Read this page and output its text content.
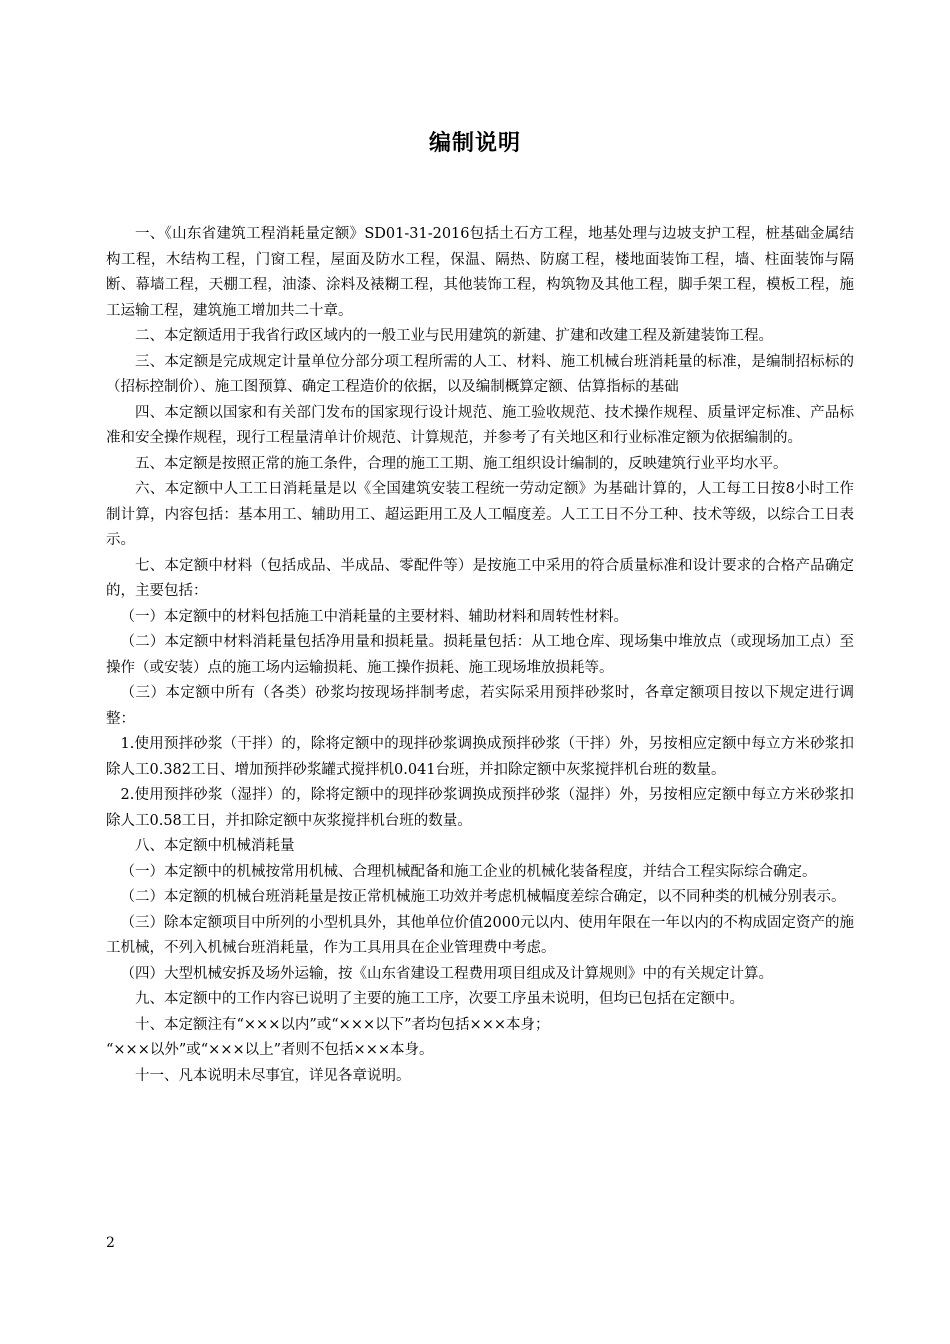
编制说明

一、《山东省建筑工程消耗量定额》SD01-31-2016包括土石方工程，地基处理与边坡支护工程，桩基础金属结构工程，木结构工程，门窗工程，屋面及防水工程，保温、隔热、防腐工程，楼地面装饰工程，墙、柱面装饰与隔断、幕墙工程，天棚工程，油漆、涂料及裱糊工程，其他装饰工程，构筑物及其他工程，脚手架工程，模板工程，施工运输工程，建筑施工增加共二十章。

二、本定额适用于我省行政区域内的一般工业与民用建筑的新建、扩建和改建工程及新建装饰工程。

三、本定额是完成规定计量单位分部分项工程所需的人工、材料、施工机械台班消耗量的标准，是编制招标标的（招标控制价）、施工图预算、确定工程造价的依据，以及编制概算定额、估算指标的基础

四、本定额以国家和有关部门发布的国家现行设计规范、施工验收规范、技术操作规程、质量评定标准、产品标准和安全操作规程，现行工程量清单计价规范、计算规范，并参考了有关地区和行业标准定额为依据编制的。

五、本定额是按照正常的施工条件，合理的施工工期、施工组织设计编制的，反映建筑行业平均水平。

六、本定额中人工工日消耗量是以《全国建筑安装工程统一劳动定额》为基础计算的，人工每工日按8小时工作制计算，内容包括：基本用工、辅助用工、超运距用工及人工幅度差。人工工日不分工种、技术等级，以综合工日表示。

七、本定额中材料（包括成品、半成品、零配件等）是按施工中采用的符合质量标准和设计要求的合格产品确定的，主要包括：

（一）本定额中的材料包括施工中消耗量的主要材料、辅助材料和周转性材料。

（二）本定额中材料消耗量包括净用量和损耗量。损耗量包括：从工地仓库、现场集中堆放点（或现场加工点）至操作（或安装）点的施工场内运输损耗、施工操作损耗、施工现场堆放损耗等。

（三）本定额中所有（各类）砂浆均按现场拌制考虑，若实际采用预拌砂浆时，各章定额项目按以下规定进行调整：

1.使用预拌砂浆（干拌）的，除将定额中的现拌砂浆调换成预拌砂浆（干拌）外，另按相应定额中每立方米砂浆扣除人工0.382工日、增加预拌砂浆罐式搅拌机0.041台班，并扣除定额中灰浆搅拌机台班的数量。

2.使用预拌砂浆（湿拌）的，除将定额中的现拌砂浆调换成预拌砂浆（湿拌）外，另按相应定额中每立方米砂浆扣除人工0.58工日，并扣除定额中灰浆搅拌机台班的数量。

八、本定额中机械消耗量

（一）本定额中的机械按常用机械、合理机械配备和施工企业的机械化装备程度，并结合工程实际综合确定。

（二）本定额的机械台班消耗量是按正常机械施工功效并考虑机械幅度差综合确定，以不同种类的机械分别表示。

（三）除本定额项目中所列的小型机具外，其他单位价值2000元以内、使用年限在一年以内的不构成固定资产的施工机械，不列入机械台班消耗量，作为工具用具在企业管理费中考虑。

（四）大型机械安拆及场外运输，按《山东省建设工程费用项目组成及计算规则》中的有关规定计算。

九、本定额中的工作内容已说明了主要的施工工序，次要工序虽未说明，但均已包括在定额中。

十、本定额注有“×××以内”或“×××以下”者均包括×××本身；

“×××以外”或“×××以上”者则不包括×××本身。

十一、凡本说明未尽事宜，详见各章说明。

2
